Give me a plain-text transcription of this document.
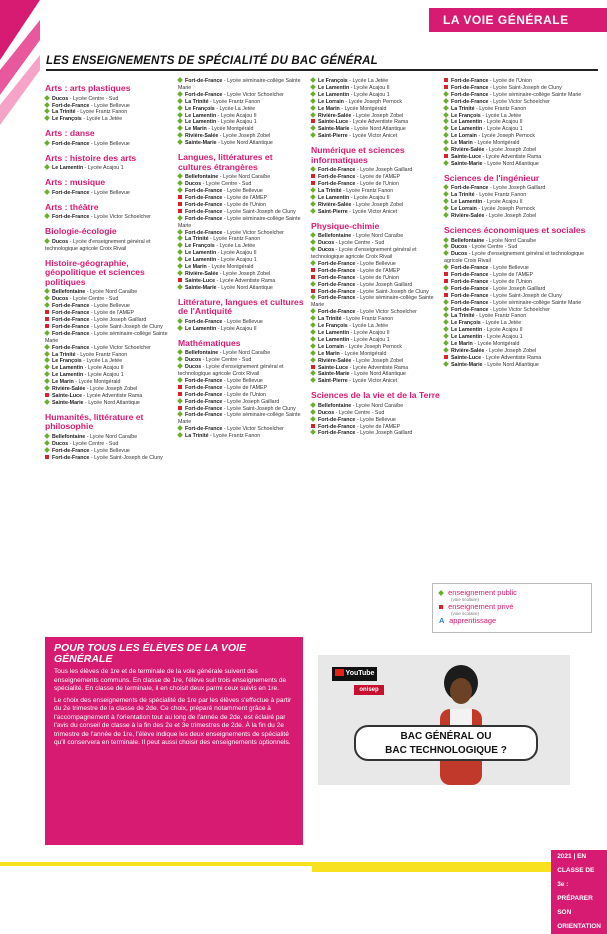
LA VOIE GÉNÉRALE
LES ENSEIGNEMENTS DE SPÉCIALITÉ DU BAC GÉNÉRAL
Arts : arts plastiques
Ducos - Lycée Centre - Sud
Fort-de-France - Lycée Bellevue
La Trinité - Lycée Frantz Fanon
Le François - Lycée La Jetée
Arts : danse
Fort-de-France - Lycée Bellevue
Arts : histoire des arts
Le Lamentin - Lycée Acajou 1
Arts : musique
Fort-de-France - Lycée Bellevue
Arts : théâtre
Fort-de-France - Lycée Victor Schoelcher
Biologie-écologie
Ducos - Lycée d'enseignement général et technologique agricole Croix Rivail
Histoire-géographie, géopolitique et sciences politiques
Bellefontaine - Lycée Nord Caraïbe
Ducos - Lycée Centre - Sud
Fort-de-France - Lycée Bellevue
Fort-de-France - Lycée de l'AMEP
Fort-de-France - Lycée Joseph Gaillard
Fort-de-France - Lycée Saint-Joseph de Cluny
Fort-de-France - Lycée séminaire-collège Sainte Marie
Fort-de-France - Lycée Victor Schoelcher
La Trinité - Lycée Frantz Fanon
Le François - Lycée La Jetée
Le Lamentin - Lycée Acajou II
Le Lamentin - Lycée Acajou 1
Le Marin - Lycée Montgérald
Rivière-Salée - Lycée Joseph Zobel
Sainte-Luce - Lycée Adventiste Rama
Sainte-Marie - Lycée Nord Atlantique
Humanités, littérature et philosophie
Bellefontaine - Lycée Nord Caraïbe
Ducos - Lycée Centre - Sud
Fort-de-France - Lycée Bellevue
Fort-de-France - Lycée Saint-Joseph de Cluny
Fort-de-France - Lycée séminaire-collège Sainte Marie
Fort-de-France - Lycée Victor Schoelcher
La Trinité - Lycée Frantz Fanon
Le François - Lycée La Jetée
Le Lamentin - Lycée Acajou II
Le Lamentin - Lycée Acajou 1
Le Marin - Lycée Montgérald
Rivière-Salée - Lycée Joseph Zobel
Sainte-Marie - Lycée Nord Atlantique
Langues, littératures et cultures étrangères
Bellefontaine - Lycée Nord Caraïbe
Ducos - Lycée Centre - Sud
Fort-de-France - Lycée Bellevue
Fort-de-France - Lycée de l'AMEP
Fort-de-France - Lycée de l'Union
Fort-de-France - Lycée Saint-Joseph de Cluny
Fort-de-France - Lycée séminaire-collège Sainte Marie
Fort-de-France - Lycée Victor Schoelcher
La Trinité - Lycée Frantz Fanon
Le François - Lycée La Jetée
Le Lamentin - Lycée Acajou II
Le Lamentin - Lycée Acajou 1
Le Marin - Lycée Montgérald
Rivière-Salée - Lycée Joseph Zobel
Sainte-Luce - Lycée Adventiste Rama
Sainte-Marie - Lycée Nord Atlantique
Littérature, langues et cultures de l'Antiquité
Fort-de-France - Lycée Bellevue
Le Lamentin - Lycée Acajou II
Mathématiques
Bellefontaine - Lycée Nord Caraïbe
Ducos - Lycée Centre - Sud
Ducos - Lycée d'enseignement général et technologique agricole Croix Rivail
Fort-de-France - Lycée Bellevue
Fort-de-France - Lycée de l'AMEP
Fort-de-France - Lycée de l'Union
Fort-de-France - Lycée Joseph Gaillard
Fort-de-France - Lycée Saint-Joseph de Cluny
Fort-de-France - Lycée séminaire-collège Sainte Marie
Fort-de-France - Lycée Victor Schoelcher
La Trinité - Lycée Frantz Fanon
Le François - Lycée La Jetée
Le Lamentin - Lycée Acajou II
Le Lamentin - Lycée Acajou 1
Le Lorrain - Lycée Joseph Pernock
Le Marin - Lycée Montgérald
Rivière-Salée - Lycée Joseph Zobel
Sainte-Luce - Lycée Adventiste Rama
Sainte-Marie - Lycée Nord Atlantique
Saint-Pierre - Lycée Victor Anicet
Numérique et sciences informatiques
Fort-de-France - Lycée Joseph Gaillard
Fort-de-France - Lycée de l'AMEP
Fort-de-France - Lycée de l'Union
La Trinité - Lycée Frantz Fanon
Le Lamentin - Lycée Acajou II
Rivière-Salée - Lycée Joseph Zobel
Saint-Pierre - Lycée Victor Anicet
Physique-chimie
Bellefontaine - Lycée Nord Caraïbe
Ducos - Lycée Centre - Sud
Ducos - Lycée d'enseignement général et technologique agricole Croix Rivail
Fort-de-France - Lycée Bellevue
Fort-de-France - Lycée de l'AMEP
Fort-de-France - Lycée de l'Union
Fort-de-France - Lycée Joseph Gaillard
Fort-de-France - Lycée Saint-Joseph de Cluny
Fort-de-France - Lycée séminaire-collège Sainte Marie
Fort-de-France - Lycée Victor Schoelcher
La Trinité - Lycée Frantz Fanon
Le François - Lycée La Jetée
Le Lamentin - Lycée Acajou II
Le Lamentin - Lycée Acajou 1
Le Lorrain - Lycée Joseph Pernock
Le Marin - Lycée Montgérald
Rivière-Salée - Lycée Joseph Zobel
Sainte-Luce - Lycée Adventiste Rama
Sainte-Marie - Lycée Nord Atlantique
Saint-Pierre - Lycée Victor Anicet
Sciences de la vie et de la Terre
Bellefontaine - Lycée Nord Caraïbe
Ducos - Lycée Centre - Sud
Fort-de-France - Lycée Bellevue
Fort-de-France - Lycée de l'AMEP
Fort-de-France - Lycée Joseph Gaillard
Fort-de-France - Lycée de l'Union
Fort-de-France - Lycée Saint-Joseph de Cluny
Fort-de-France - Lycée séminaire-collège Sainte Marie
Fort-de-France - Lycée Victor Schoelcher
La Trinité - Lycée Frantz Fanon
Le François - Lycée La Jetée
Le Lamentin - Lycée Acajou II
Le Lamentin - Lycée Acajou 1
Le Lorrain - Lycée Joseph Pernock
Le Marin - Lycée Montgérald
Rivière-Salée - Lycée Joseph Zobel
Sainte-Luce - Lycée Adventiste Rama
Sainte-Marie - Lycée Nord Atlantique
Sciences de l'ingénieur
Fort-de-France - Lycée Joseph Gaillard
La Trinité - Lycée Frantz Fanon
Le Lamentin - Lycée Acajou II
Le Lorrain - Lycée Joseph Pernock
Rivière-Salée - Lycée Joseph Zobel
Sciences économiques et sociales
Bellefontaine - Lycée Nord Caraïbe
Ducos - Lycée Centre - Sud
Ducos - Lycée d'enseignement général et technologique agricole Croix Rivail
Fort-de-France - Lycée Bellevue
Fort-de-France - Lycée de l'AMEP
Fort-de-France - Lycée de l'Union
Fort-de-France - Lycée Joseph Gaillard
Fort-de-France - Lycée Saint-Joseph de Cluny
Fort-de-France - Lycée séminaire-collège Sainte Marie
Fort-de-France - Lycée Victor Schoelcher
La Trinité - Lycée Frantz Fanon
Le François - Lycée La Jetée
Le Lamentin - Lycée Acajou II
Le Lamentin - Lycée Acajou 1
Le Marin - Lycée Montgérald
Rivière-Salée - Lycée Joseph Zobel
Sainte-Luce - Lycée Adventiste Rama
Sainte-Marie - Lycée Nord Atlantique
enseignement public
(voie scolaire)
enseignement privé
(voie scolaire)
A apprentissage
POUR TOUS LES ÉLÈVES DE LA VOIE GÉNÉRALE

Tous les élèves de 1re et de terminale de la voie générale suivent des enseignements communs. En classe de 1re, l'élève suit trois enseignements de spécialité. En classe de terminale, il en choisit deux parmi ceux suivis en 1re.

Le choix des enseignements de spécialité de 1re par les élèves s'effectue à partir du 2e trimestre de la classe de 2de. Ce choix, préparé notamment grâce à l'accompagnement à l'orientation tout au long de l'année de 2de, est éclairé par l'avis du conseil de classe à la fin des 2e et 3e trimestres de 2de. À la fin du 2e trimestre de l'année de 1re, l'élève indique les deux enseignements de spécialité qu'il conservera en terminale. Il peut aussi choisir des enseignements optionnels.

YouTube
onisep
BAC GÉNÉRAL OU
BAC TECHNOLOGIQUE ?
2021 | EN CLASSE DE 3e : PRÉPARER SON ORIENTATION
